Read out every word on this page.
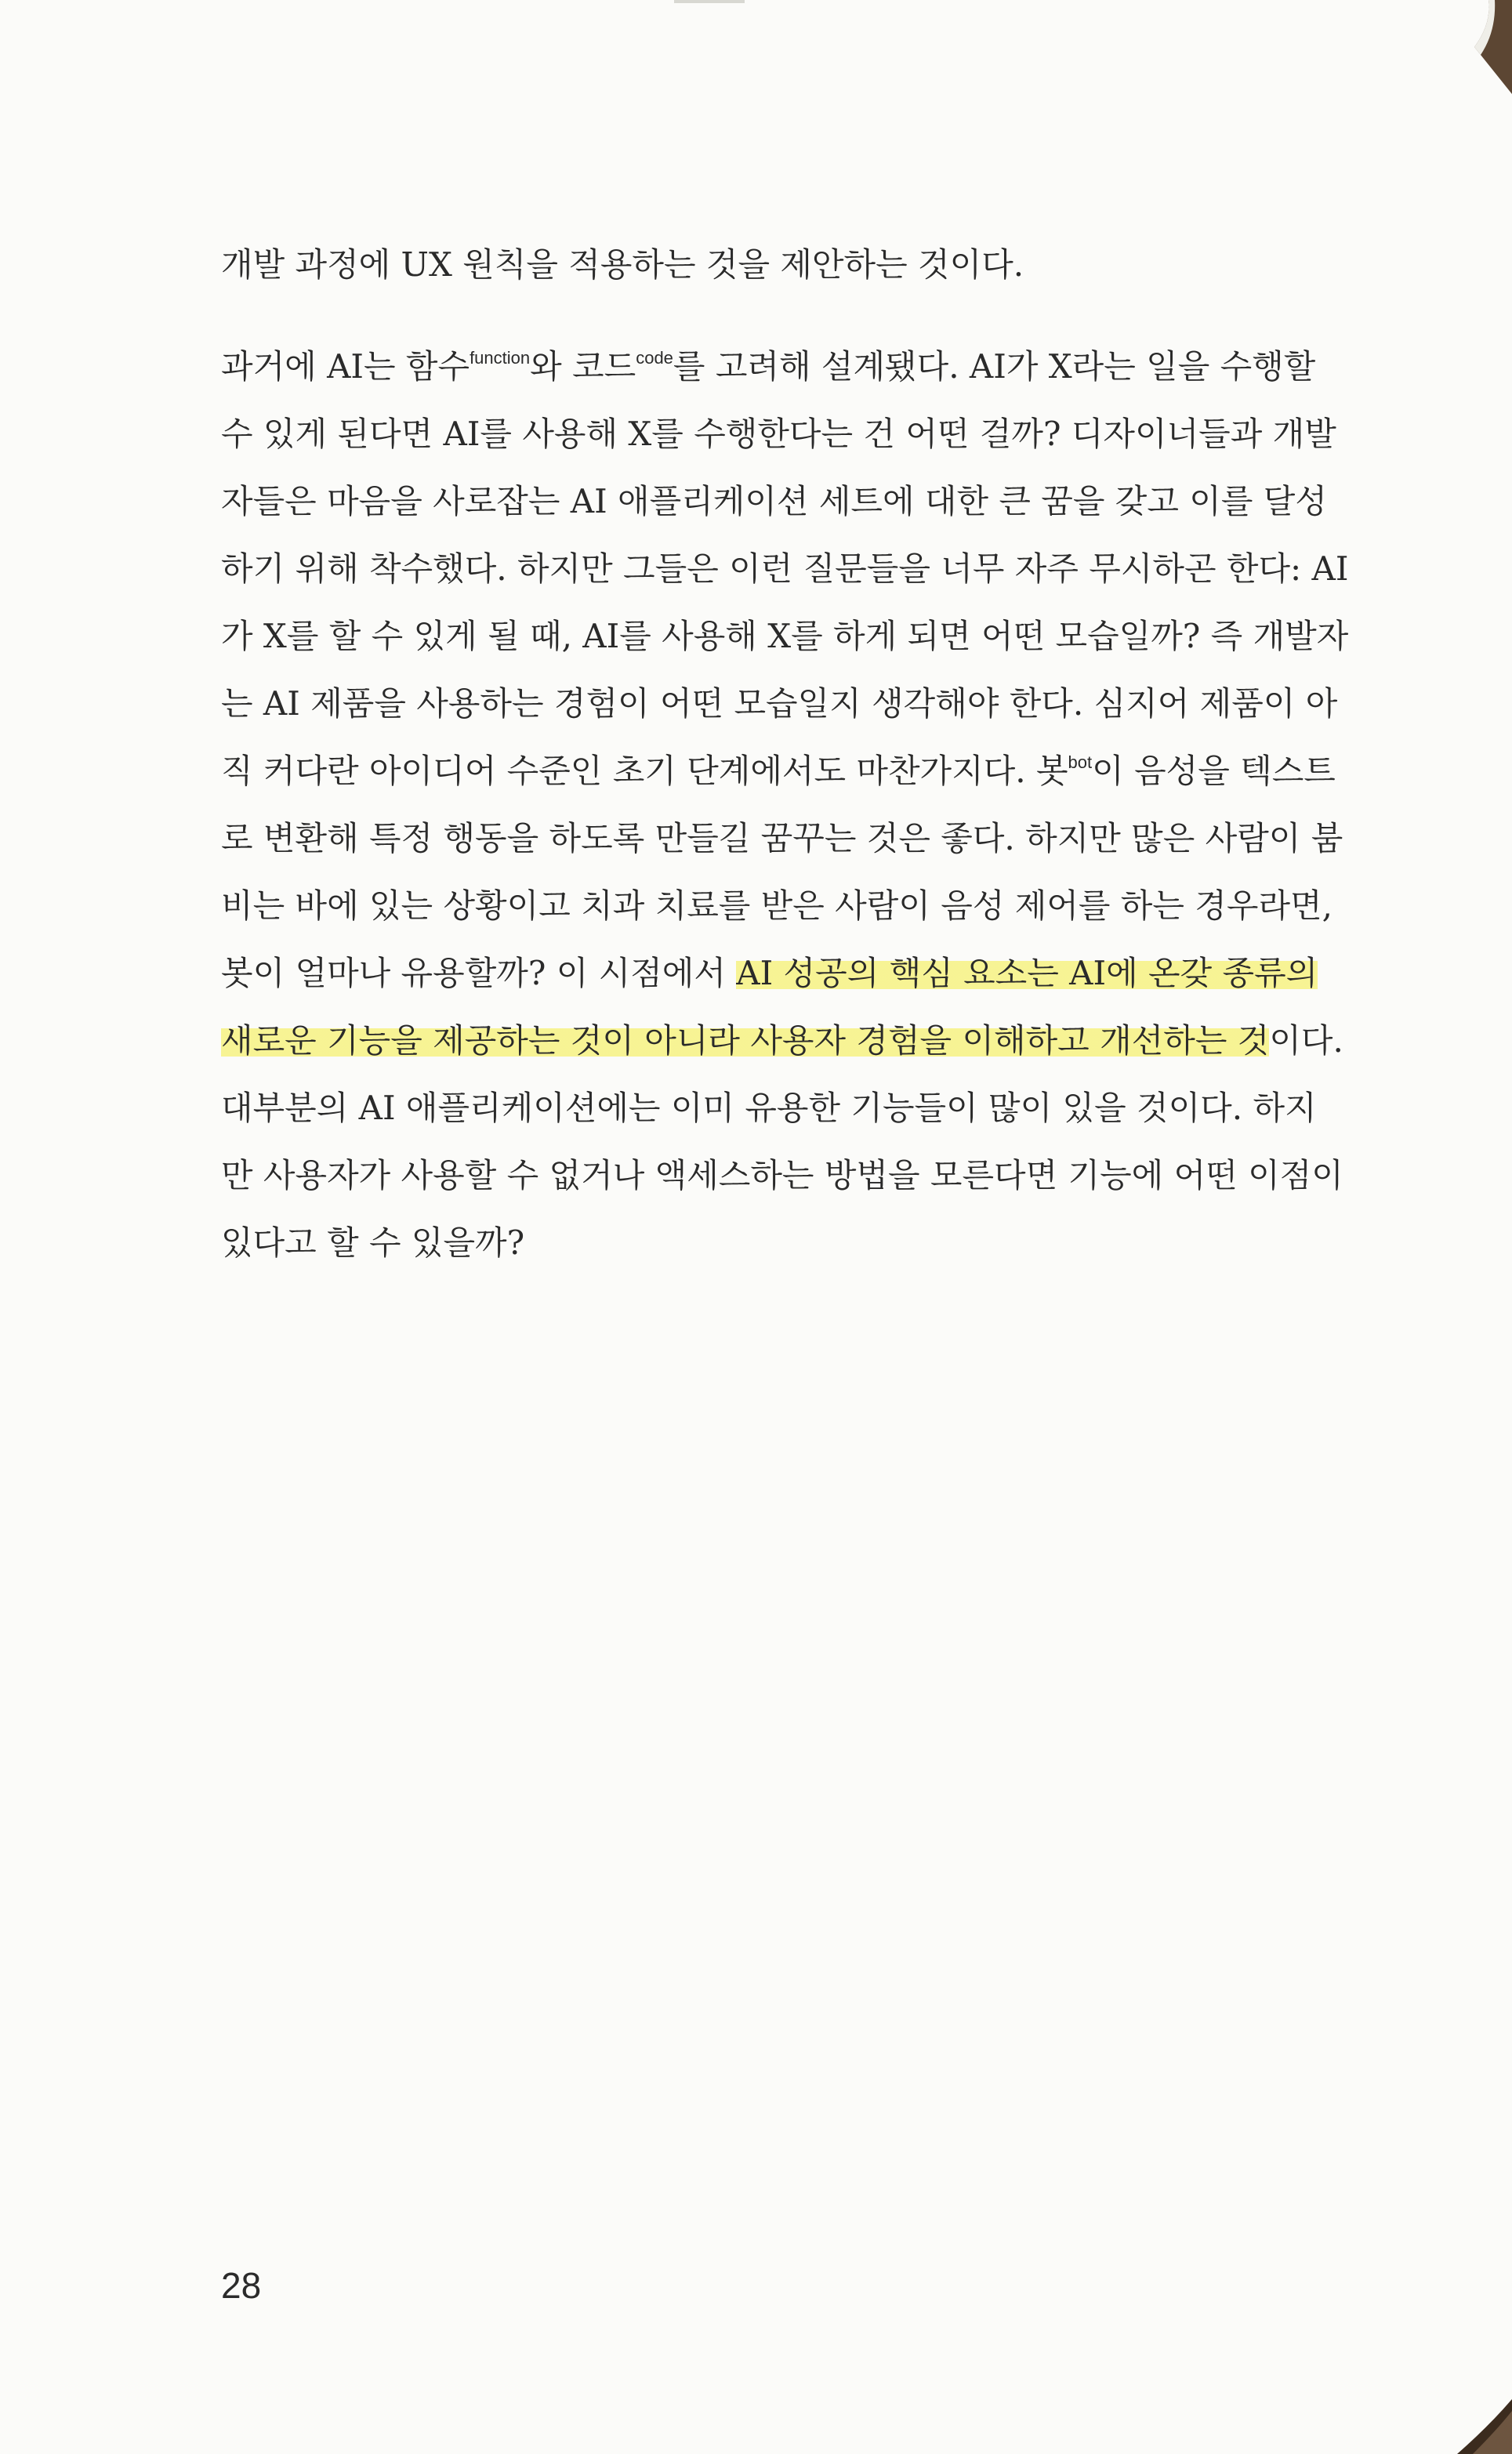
개발 과정에 UX 원칙을 적용하는 것을 제안하는 것이다.
과거에 AI는 함수$^{function}$와 코드$^{code}$를 고려해 설계됐다. AI가 X라는 일을 수행할
수 있게 된다면 AI를 사용해 X를 수행한다는 건 어떤 걸까? 디자이너들과 개발
자들은 마음을 사로잡는 AI 애플리케이션 세트에 대한 큰 꿈을 갖고 이를 달성
하기 위해 착수했다. 하지만 그들은 이런 질문들을 너무 자주 무시하곤 한다: AI
가 X를 할 수 있게 될 때, AI를 사용해 X를 하게 되면 어떤 모습일까? 즉 개발자
는 AI 제품을 사용하는 경험이 어떤 모습일지 생각해야 한다. 심지어 제품이 아
직 커다란 아이디어 수준인 초기 단계에서도 마찬가지다. 봇$^{bot}$이 음성을 텍스트
로 변환해 특정 행동을 하도록 만들길 꿈꾸는 것은 좋다. 하지만 많은 사람이 붐
비는 바에 있는 상황이고 치과 치료를 받은 사람이 음성 제어를 하는 경우라면,
봇이 얼마나 유용할까? 이 시점에서 AI 성공의 핵심 요소는 AI에 온갖 종류의
새로운 기능을 제공하는 것이 아니라 사용자 경험을 이해하고 개선하는 것이다.
대부분의 AI 애플리케이션에는 이미 유용한 기능들이 많이 있을 것이다. 하지
만 사용자가 사용할 수 없거나 액세스하는 방법을 모른다면 기능에 어떤 이점이
있다고 할 수 있을까?
28
